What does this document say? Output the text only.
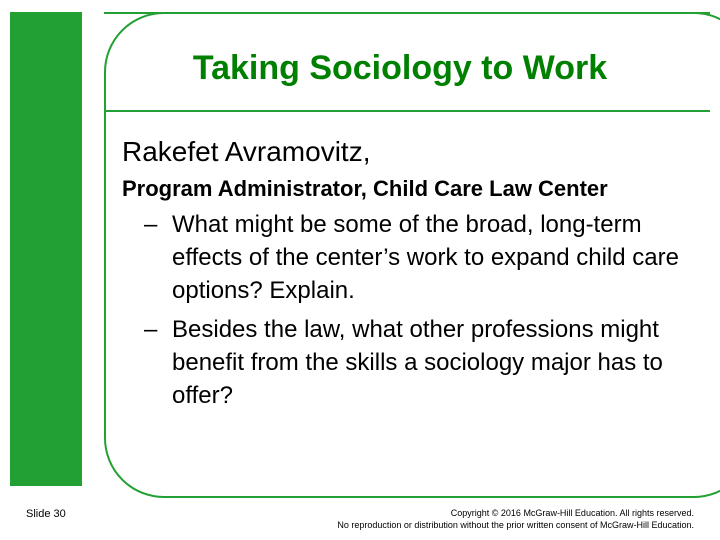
Taking Sociology to Work

Rakefet Avramovitz,

Program Administrator, Child Care Law Center

– What might be some of the broad, long-term effects of the center’s work to expand child care options? Explain.
– Besides the law, what other professions might benefit from the skills a sociology major has to offer?
Slide 30	Copyright © 2016 McGraw-Hill Education. All rights reserved.
No reproduction or distribution without the prior written consent of McGraw-Hill Education.
